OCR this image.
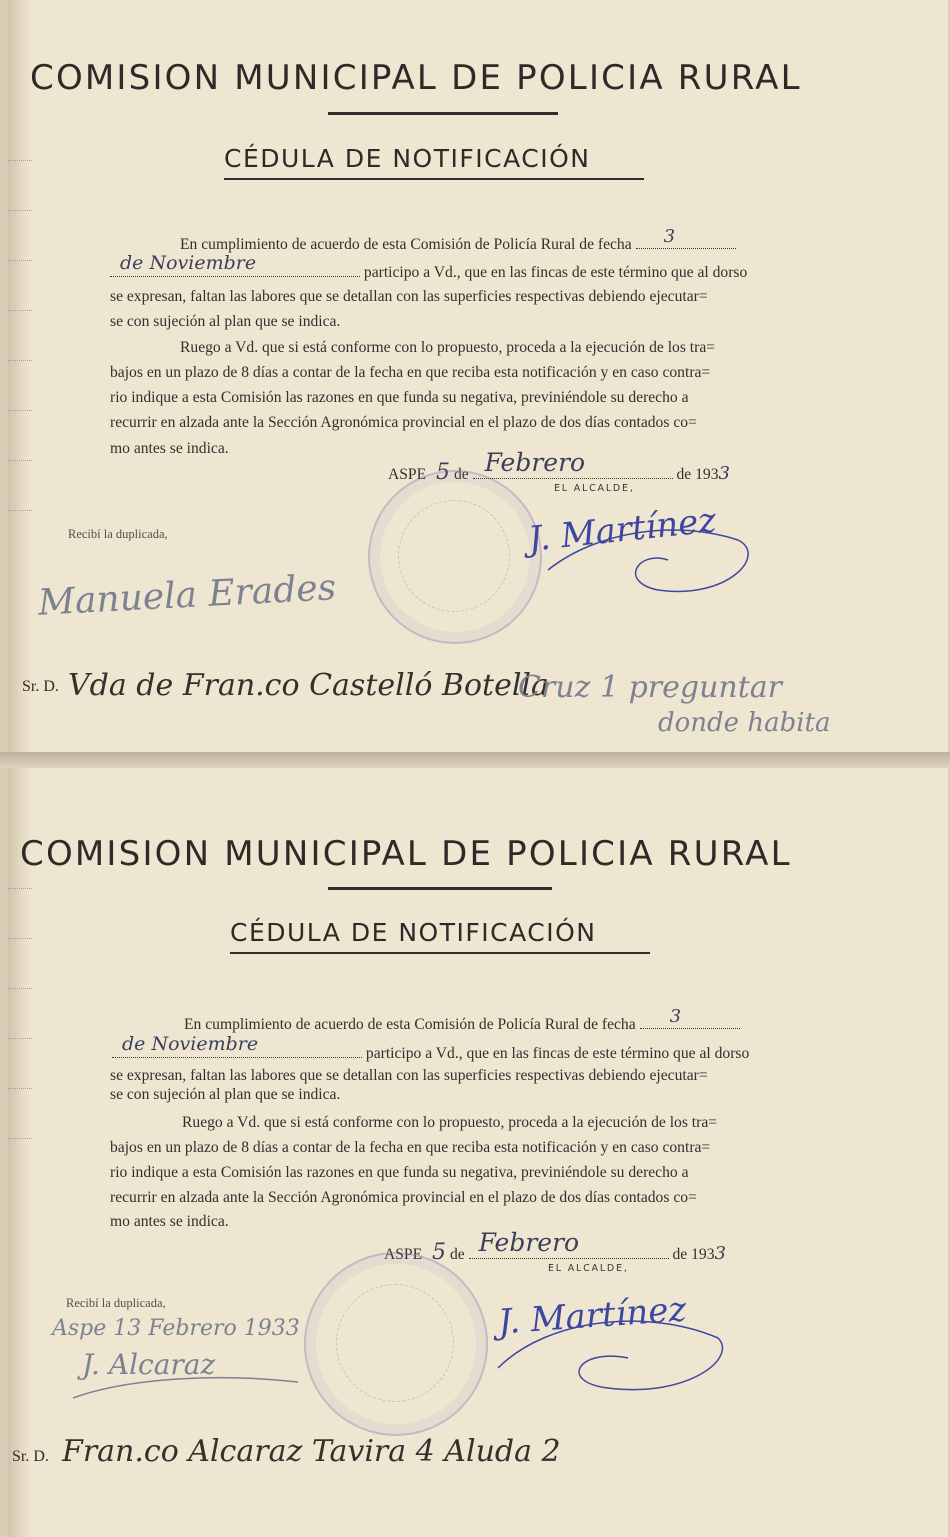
COMISION MUNICIPAL DE POLICIA RURAL
CÉDULA DE NOTIFICACIÓN
En cumplimiento de acuerdo de esta Comisión de Policía Rural de fecha 3
de Noviembre	participo a Vd., que en las fincas de este término que al dorso
se expresan, faltan las labores que se detallan con las superficies respectivas debiendo ejecutar=
se con sujeción al plan que se indica.
Ruego a Vd. que si está conforme con lo propuesto, proceda a la ejecución de los tra=
bajos en un plazo de 8 días a contar de la fecha en que reciba esta notificación y en caso contra=
rio indique a esta Comisión las razones en que funda su negativa, previniéndole su derecho a
recurrir en alzada ante la Sección Agronómica provincial en el plazo de dos días contados co=
mo antes se indica.
ASPE 5 de Febrero	de 1933
EL ALCALDE,
Recibí la duplicada,
Manuela Erades
J. Martínez
Sr. D. Vda de Fran.co Castelló Botella
Cruz 1 preguntar
donde habita
COMISION MUNICIPAL DE POLICIA RURAL
CÉDULA DE NOTIFICACIÓN
En cumplimiento de acuerdo de esta Comisión de Policía Rural de fecha 3
de Noviembre	participo a Vd., que en las fincas de este término que al dorso
se expresan, faltan las labores que se detallan con las superficies respectivas debiendo ejecutar=
se con sujeción al plan que se indica.
Ruego a Vd. que si está conforme con lo propuesto, proceda a la ejecución de los tra=
bajos en un plazo de 8 días a contar de la fecha en que reciba esta notificación y en caso contra=
rio indique a esta Comisión las razones en que funda su negativa, previniéndole su derecho a
recurrir en alzada ante la Sección Agronómica provincial en el plazo de dos días contados co=
mo antes se indica.
ASPE 5 de Febrero	de 1933
EL ALCALDE,
Recibí la duplicada,
Aspe 13 Febrero 1933
J. Alcaraz
J. Martínez
Sr. D. Fran.co Alcaraz Tavira 4 Aluda 2
